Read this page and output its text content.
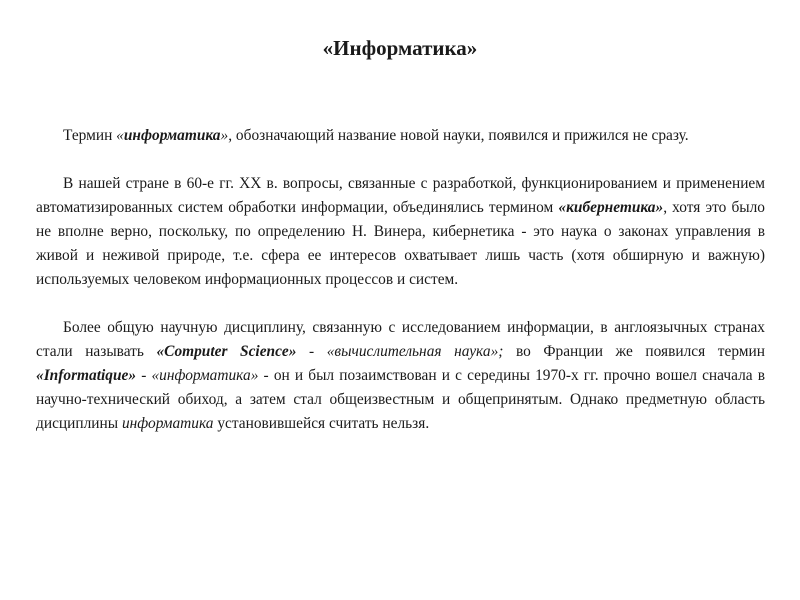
«Информатика»

Термин «информатика», обозначающий название новой науки, появился и прижился не сразу.

В нашей стране в 60-е гг. XX в. вопросы, связанные с разработкой, функционированием и применением автоматизированных систем обработки информации, объединялись термином «кибернетика», хотя это было не вполне верно, поскольку, по определению Н. Винера, кибернетика - это наука о законах управления в живой и неживой природе, т.е. сфера ее интересов охватывает лишь часть (хотя обширную и важную) используемых человеком информационных процессов и систем.

Более общую научную дисциплину, связанную с исследованием информации, в англоязычных странах стали называть «Computer Science» - «вычислительная наука»; во Франции же появился термин «Informatique» - «информатика» - он и был позаимствован и с середины 1970-х гг. прочно вошел сначала в научно-технический обиход, а затем стал общеизвестным и общепринятым. Однако предметную область дисциплины информатика установившейся считать нельзя.
